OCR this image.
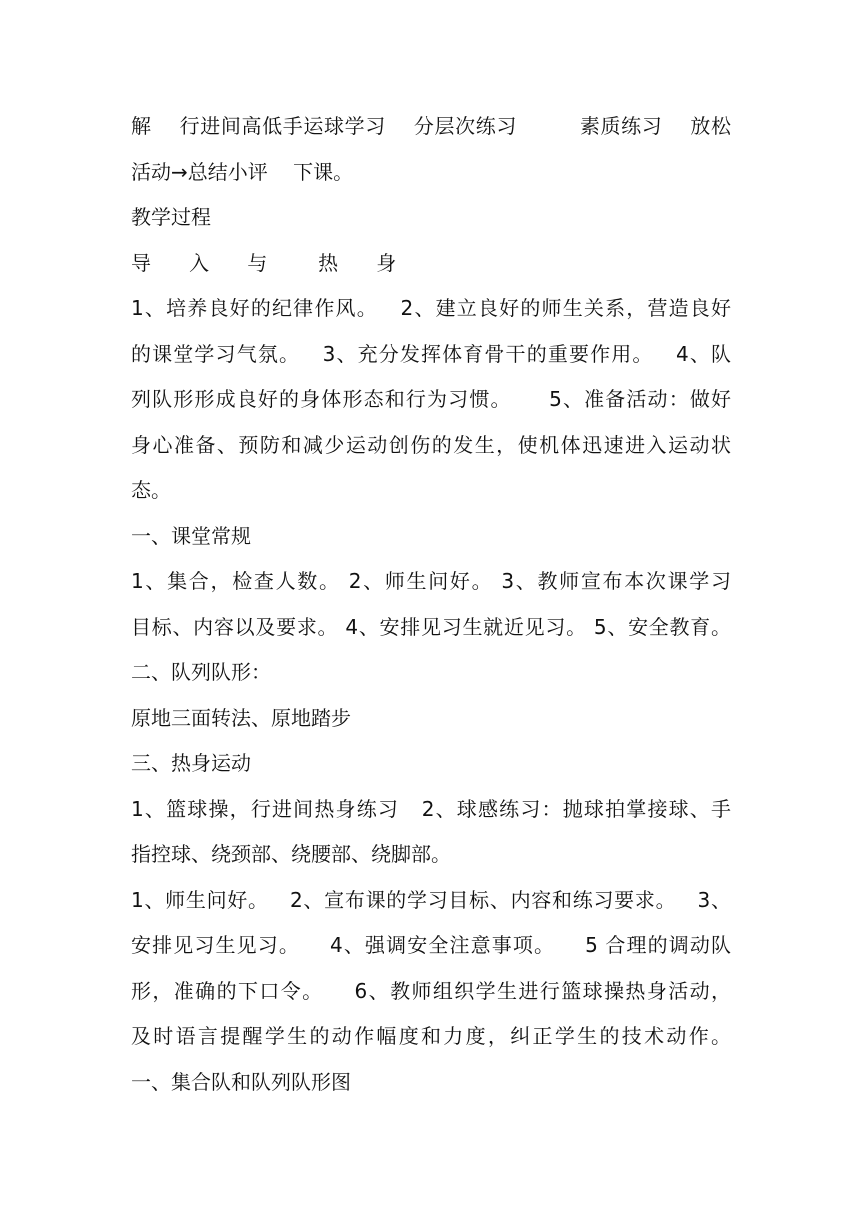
解    行进间高低手运球学习    分层次练习         素质练习    放松
活动→总结小评    下课。
教学过程
导      入      与        热      身
1、培养良好的纪律作风。   2、建立良好的师生关系，营造良好
的课堂学习气氛。   3、充分发挥体育骨干的重要作用。   4、队
列队形形成良好的身体形态和行为习惯。     5、准备活动：做好
身心准备、预防和减少运动创伤的发生，使机体迅速进入运动状
态。
一、课堂常规
1、集合，检查人数。 2、师生问好。 3、教师宣布本次课学习
目标、内容以及要求。 4、安排见习生就近见习。 5、安全教育。
二、队列队形：
原地三面转法、原地踏步
三、热身运动
1、篮球操，行进间热身练习   2、球感练习：抛球拍掌接球、手
指控球、绕颈部、绕腰部、绕脚部。
1、师生问好。   2、宣布课的学习目标、内容和练习要求。   3、
安排见习生见习。    4、强调安全注意事项。    5 合理的调动队
形，准确的下口令。    6、教师组织学生进行篮球操热身活动，
及时语言提醒学生的动作幅度和力度，纠正学生的技术动作。
一、集合队和队列队形图
